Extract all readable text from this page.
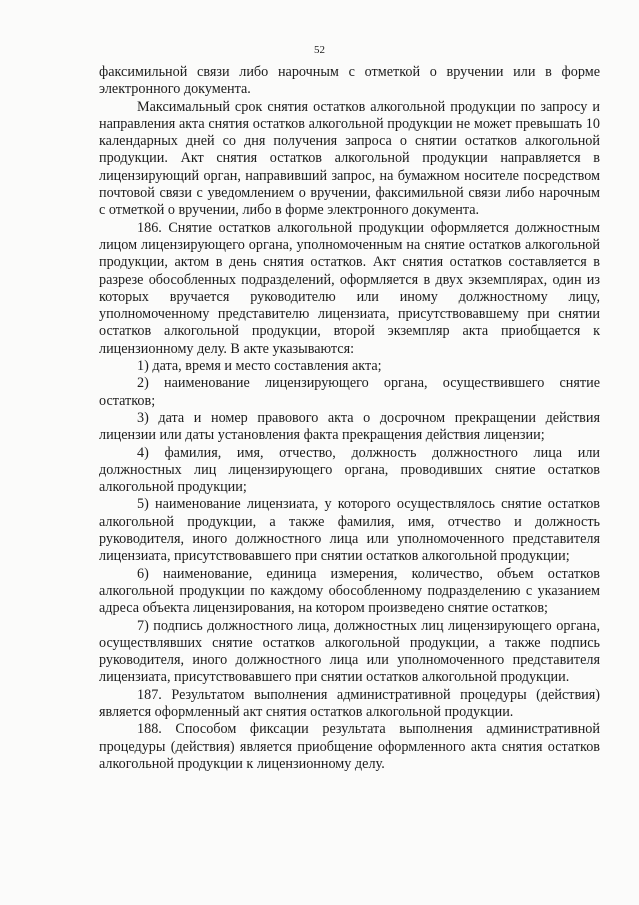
52

факсимильной связи либо нарочным с отметкой о вручении или в форме электронного документа.

Максимальный срок снятия остатков алкогольной продукции по запросу и направления акта снятия остатков алкогольной продукции не может превышать 10 календарных дней со дня получения запроса о снятии остатков алкогольной продукции. Акт снятия остатков алкогольной продукции направляется в лицензирующий орган, направивший запрос, на бумажном носителе посредством почтовой связи с уведомлением о вручении, факсимильной связи либо нарочным с отметкой о вручении, либо в форме электронного документа.

186. Снятие остатков алкогольной продукции оформляется должностным лицом лицензирующего органа, уполномоченным на снятие остатков алкогольной продукции, актом в день снятия остатков. Акт снятия остатков составляется в разрезе обособленных подразделений, оформляется в двух экземплярах, один из которых вручается руководителю или иному должностному лицу, уполномоченному представителю лицензиата, присутствовавшему при снятии остатков алкогольной продукции, второй экземпляр акта приобщается к лицензионному делу. В акте указываются:

1) дата, время и место составления акта;

2) наименование лицензирующего органа, осуществившего снятие остатков;

3) дата и номер правового акта о досрочном прекращении действия лицензии или даты установления факта прекращения действия лицензии;

4) фамилия, имя, отчество, должность должностного лица или должностных лиц лицензирующего органа, проводивших снятие остатков алкогольной продукции;

5) наименование лицензиата, у которого осуществлялось снятие остатков алкогольной продукции, а также фамилия, имя, отчество и должность руководителя, иного должностного лица или уполномоченного представителя лицензиата, присутствовавшего при снятии остатков алкогольной продукции;

6) наименование, единица измерения, количество, объем остатков алкогольной продукции по каждому обособленному подразделению с указанием адреса объекта лицензирования, на котором произведено снятие остатков;

7) подпись должностного лица, должностных лиц лицензирующего органа, осуществлявших снятие остатков алкогольной продукции, а также подпись руководителя, иного должностного лица или уполномоченного представителя лицензиата, присутствовавшего при снятии остатков алкогольной продукции.

187. Результатом выполнения административной процедуры (действия) является оформленный акт снятия остатков алкогольной продукции.

188. Способом фиксации результата выполнения административной процедуры (действия) является приобщение оформленного акта снятия остатков алкогольной продукции к лицензионному делу.
